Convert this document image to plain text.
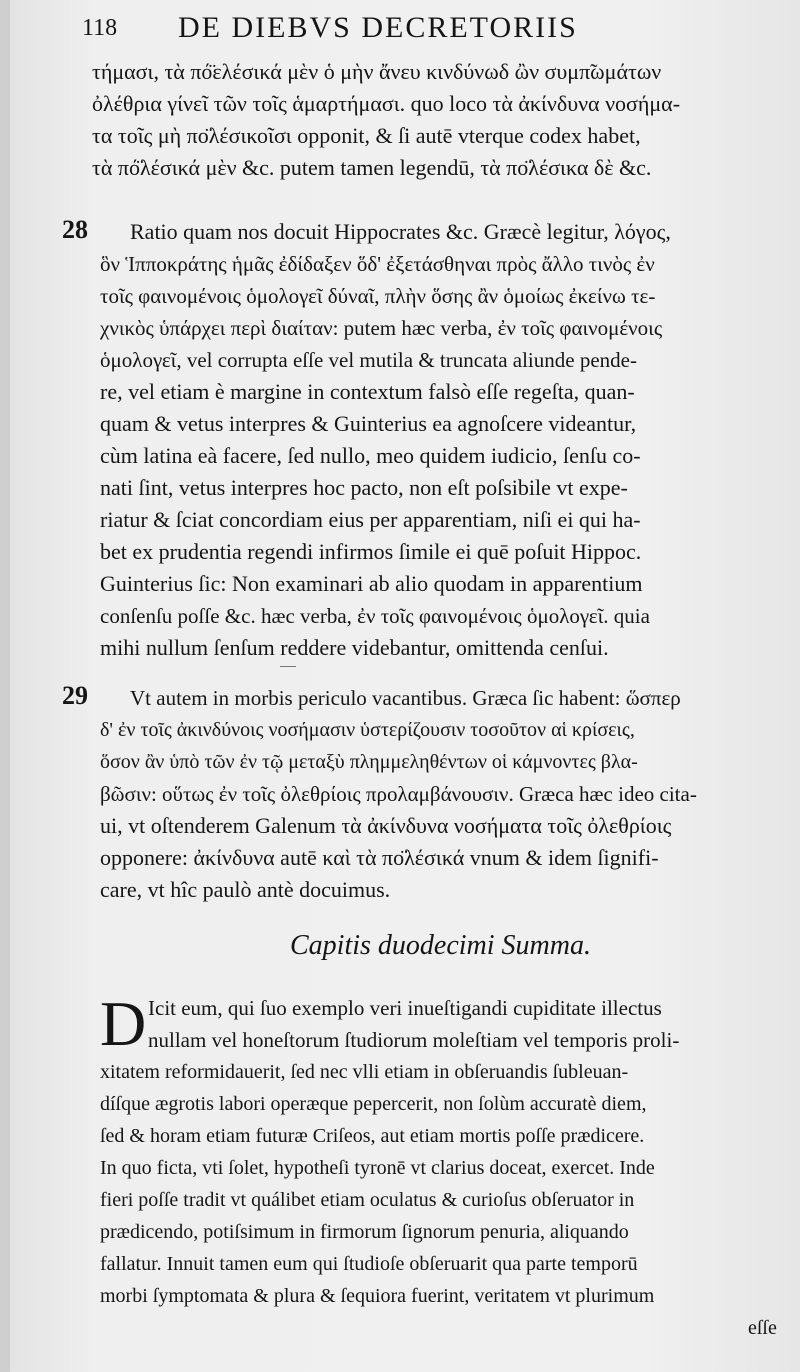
118 DE DIEBVS DECRETORIIS
τήμασι, τὰ πό̈ελέσικά μὲν ὁ μὴν ἄνευ κινδύνωδ ὢν συμπ̃ωμάτων
ὀλέθρια γίνεῖ τῶν τοῖς ἁμαρτήμασι. quo loco τὰ ἀκίνδυνα νοσήμα-
τα τοῖς μὴ πο̈λέσικοῖσι opponit, & ſi autē vterque codex habet,
τὰ πό̈λέσικά μὲν &c. putem tamen legendū, τὰ πο̈λέσικα δὲ &c.
28 Ratio quam nos docuit Hippocrates &c. Græcè legitur, λόγος,
ὃν Ἱπποκράτης ἡμᾶς ἐδίδαξεν ὅδ' ἐξετάσθηναι πρὸς ἄλλο τινὸς ἐν
τοῖς φαινομένοις ὁμολογεῖ δύναῖ, πλὴν ὅσης ἂν ὁμοίως ἐκείνω τε-
χνικὸς ὑπάρχει περὶ διαίταν: putem hæc verba, ἐν τοῖς φαινομένοις
ὁμολογεῖ, vel corrupta eſſe vel mutila & truncata aliunde pende-
re, vel etiam è margine in contextum falsò eſſe regeſta, quan-
quam & vetus interpres & Guinterius ea agnoſcere videantur,
cùm latina eà facere, ſed nullo, meo quidem iudicio, ſenſu co-
nati ſint, vetus interpres hoc pacto, non eſt poſsibile vt expe-
riatur & ſciat concordiam eius per apparentiam, niſi ei qui ha-
bet ex prudentia regendi infirmos ſimile ei quē poſuit Hippoc.
Guinterius ſic: Non examinari ab alio quodam in apparentium
conſenſu poſſe &c. hæc verba, ἐν τοῖς φαινομένοις ὁμολογεῖ. quia
mihi nullum ſenſum reddere videbantur, omittenda cenſui.
29 Vt autem in morbis periculo vacantibus. Græca ſic habent: ὥσπερ
δ' ἐν τοῖς ἀκινδύνοις νοσήμασιν ὑστερίζουσιν τοσοῦτον αἱ κρίσεις,
ὅσον ἂν ὑπὸ τῶν ἐν τῷ μεταξὺ πλημμεληθέντων οἱ κάμνοντες βλα-
βῶσιν: οὕτως ἐν τοῖς ὀλεθρίοις προλαμβάνουσιν. Græca hæc ideo cita-
ui, vt oſtenderem Galenum τὰ ἀκίνδυνα νοσήματα τοῖς ὀλεθρίοις
opponere: ἀκίνδυνα autē καὶ τὰ πο̈λέσικά vnum & idem ſignifi-
care, vt hîc paulò antè docuimus.
Capitis duodecimi Summa.
D Icit eum, qui ſuo exemplo veri inueſtigandi cupiditate illectus
nullam vel honeſtorum ſtudiorum moleſtiam vel temporis proli-
xitatem reformidauerit, ſed nec vlli etiam in obſeruandis ſubleuan-
díſque ægrotis labori operæque pepercerit, non ſolùm accuratè diem,
ſed & horam etiam futuræ Criſeos, aut etiam mortis poſſe prædicere.
In quo ficta, vti ſolet, hypotheſi tyronē vt clarius doceat, exercet. Inde
fieri poſſe tradit vt quálibet etiam oculatus & curioſus obſeruator in
prædicendo, potiſsimum in firmorum ſignorum penuria, aliquando
fallatur. Innuit tamen eum qui ſtudioſe obſeruarit qua parte temporū
morbi ſymptomata & plura & ſequiora fuerint, veritatem vt plurimum
eſſe
